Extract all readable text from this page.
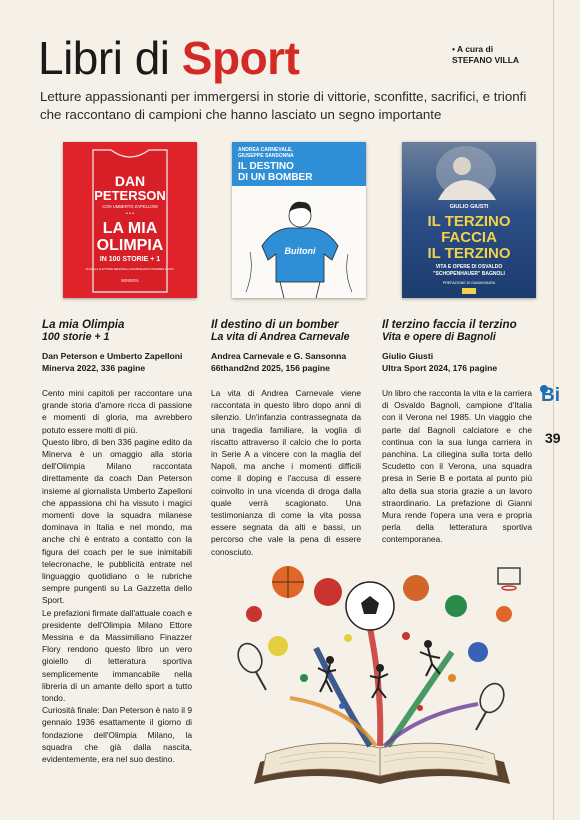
Libri di Sport	• A cura di
STEFANO VILLA

Letture appassionanti per immergersi in storie di vittorie, sconfitte, sacrifici, e trionfi che raccontano di campioni che hanno lasciato un segno importante

DAN
PETERSON
CON UMBERTO ZAPELLONI
• • •
LA MIA
OLIMPIA
IN 100 STORIE + 1
Prefazioni di ETTORE MESSINA e MASSIMILIANO FINAZZER FLORY
MINERVA
ANDREA CARNEVALE,
GIUSEPPE SANSONNA
IL DESTINO
DI UN BOMBER
Buitoni
GIULIO GIUSTI
IL TERZINO
FACCIA
IL TERZINO
VITA E OPERE DI OSVALDO
"SCHOPENHAUER" BAGNOLI
PREFAZIONE DI GIANNI MURA
La mia Olimpia
100 storie + 1
Dan Peterson e Umberto Zapelloni
Minerva 2022, 336 pagine
Cento mini capitoli per raccontare una grande storia d'amore ricca di passione e momenti di gloria, ma avrebbero potuto essere molti di più.
Questo libro, di ben 336 pagine edito da Minerva è un omaggio alla storia dell'Olimpia Milano raccontata direttamente da coach Dan Peterson insieme al giornalista Umberto Zapelloni che appassiona chi ha vissuto i magici momenti dove la squadra milanese dominava in Italia e nel mondo, ma anche chi è entrato a contatto con la figura del coach per le sue inimitabili telecronache, le pubblicità entrate nel linguaggio quotidiano o le rubriche sempre pungenti su La Gazzetta dello Sport.
Le prefazioni firmate dall'attuale coach e presidente dell'Olimpia Milano Ettore Messina e da Massimiliano Finazzer Flory rendono questo libro un vero gioiello di letteratura sportiva semplicemente immancabile nella libreria di un amante dello sport a tutto tondo.
Curiosità finale: Dan Peterson è nato il 9 gennaio 1936 esattamente il giorno di fondazione dell'Olimpia Milano, la squadra che già dalla nascita, evidentemente, era nel suo destino.
Il destino di un bomber
La vita di Andrea Carnevale
Andrea Carnevale e G. Sansonna
66thand2nd 2025, 156 pagine
La vita di Andrea Carnevale viene raccontata in questo libro dopo anni di silenzio. Un'infanzia contrassegnata da una tragedia familiare, la voglia di riscatto attraverso il calcio che lo porta in Serie A a vincere con la maglia del Napoli, ma anche i momenti difficili come il doping e l'accusa di essere coinvolto in una vicenda di droga dalla quale verrà scagionato. Una testimonianza di come la vita possa essere segnata da alti e bassi, un percorso che vale la pena di essere conosciuto.
Il terzino faccia il terzino
Vita e opere di Bagnoli
Giulio Giusti
Ultra Sport 2024, 176 pagine
Un libro che racconta la vita e la carriera di Osvaldo Bagnoli, campione d'Italia con il Verona nel 1985. Un viaggio che parte dal Bagnoli calciatore e che continua con la sua lunga carriera in panchina. La ciliegina sulla torta dello Scudetto con il Verona, una squadra presa in Serie B e portata al punto più alto della sua storia grazie a un lavoro straordinario. La prefazione di Gianni Mura rende l'opera una vera e propria perla della letteratura sportiva contemporanea.
Bi
39
